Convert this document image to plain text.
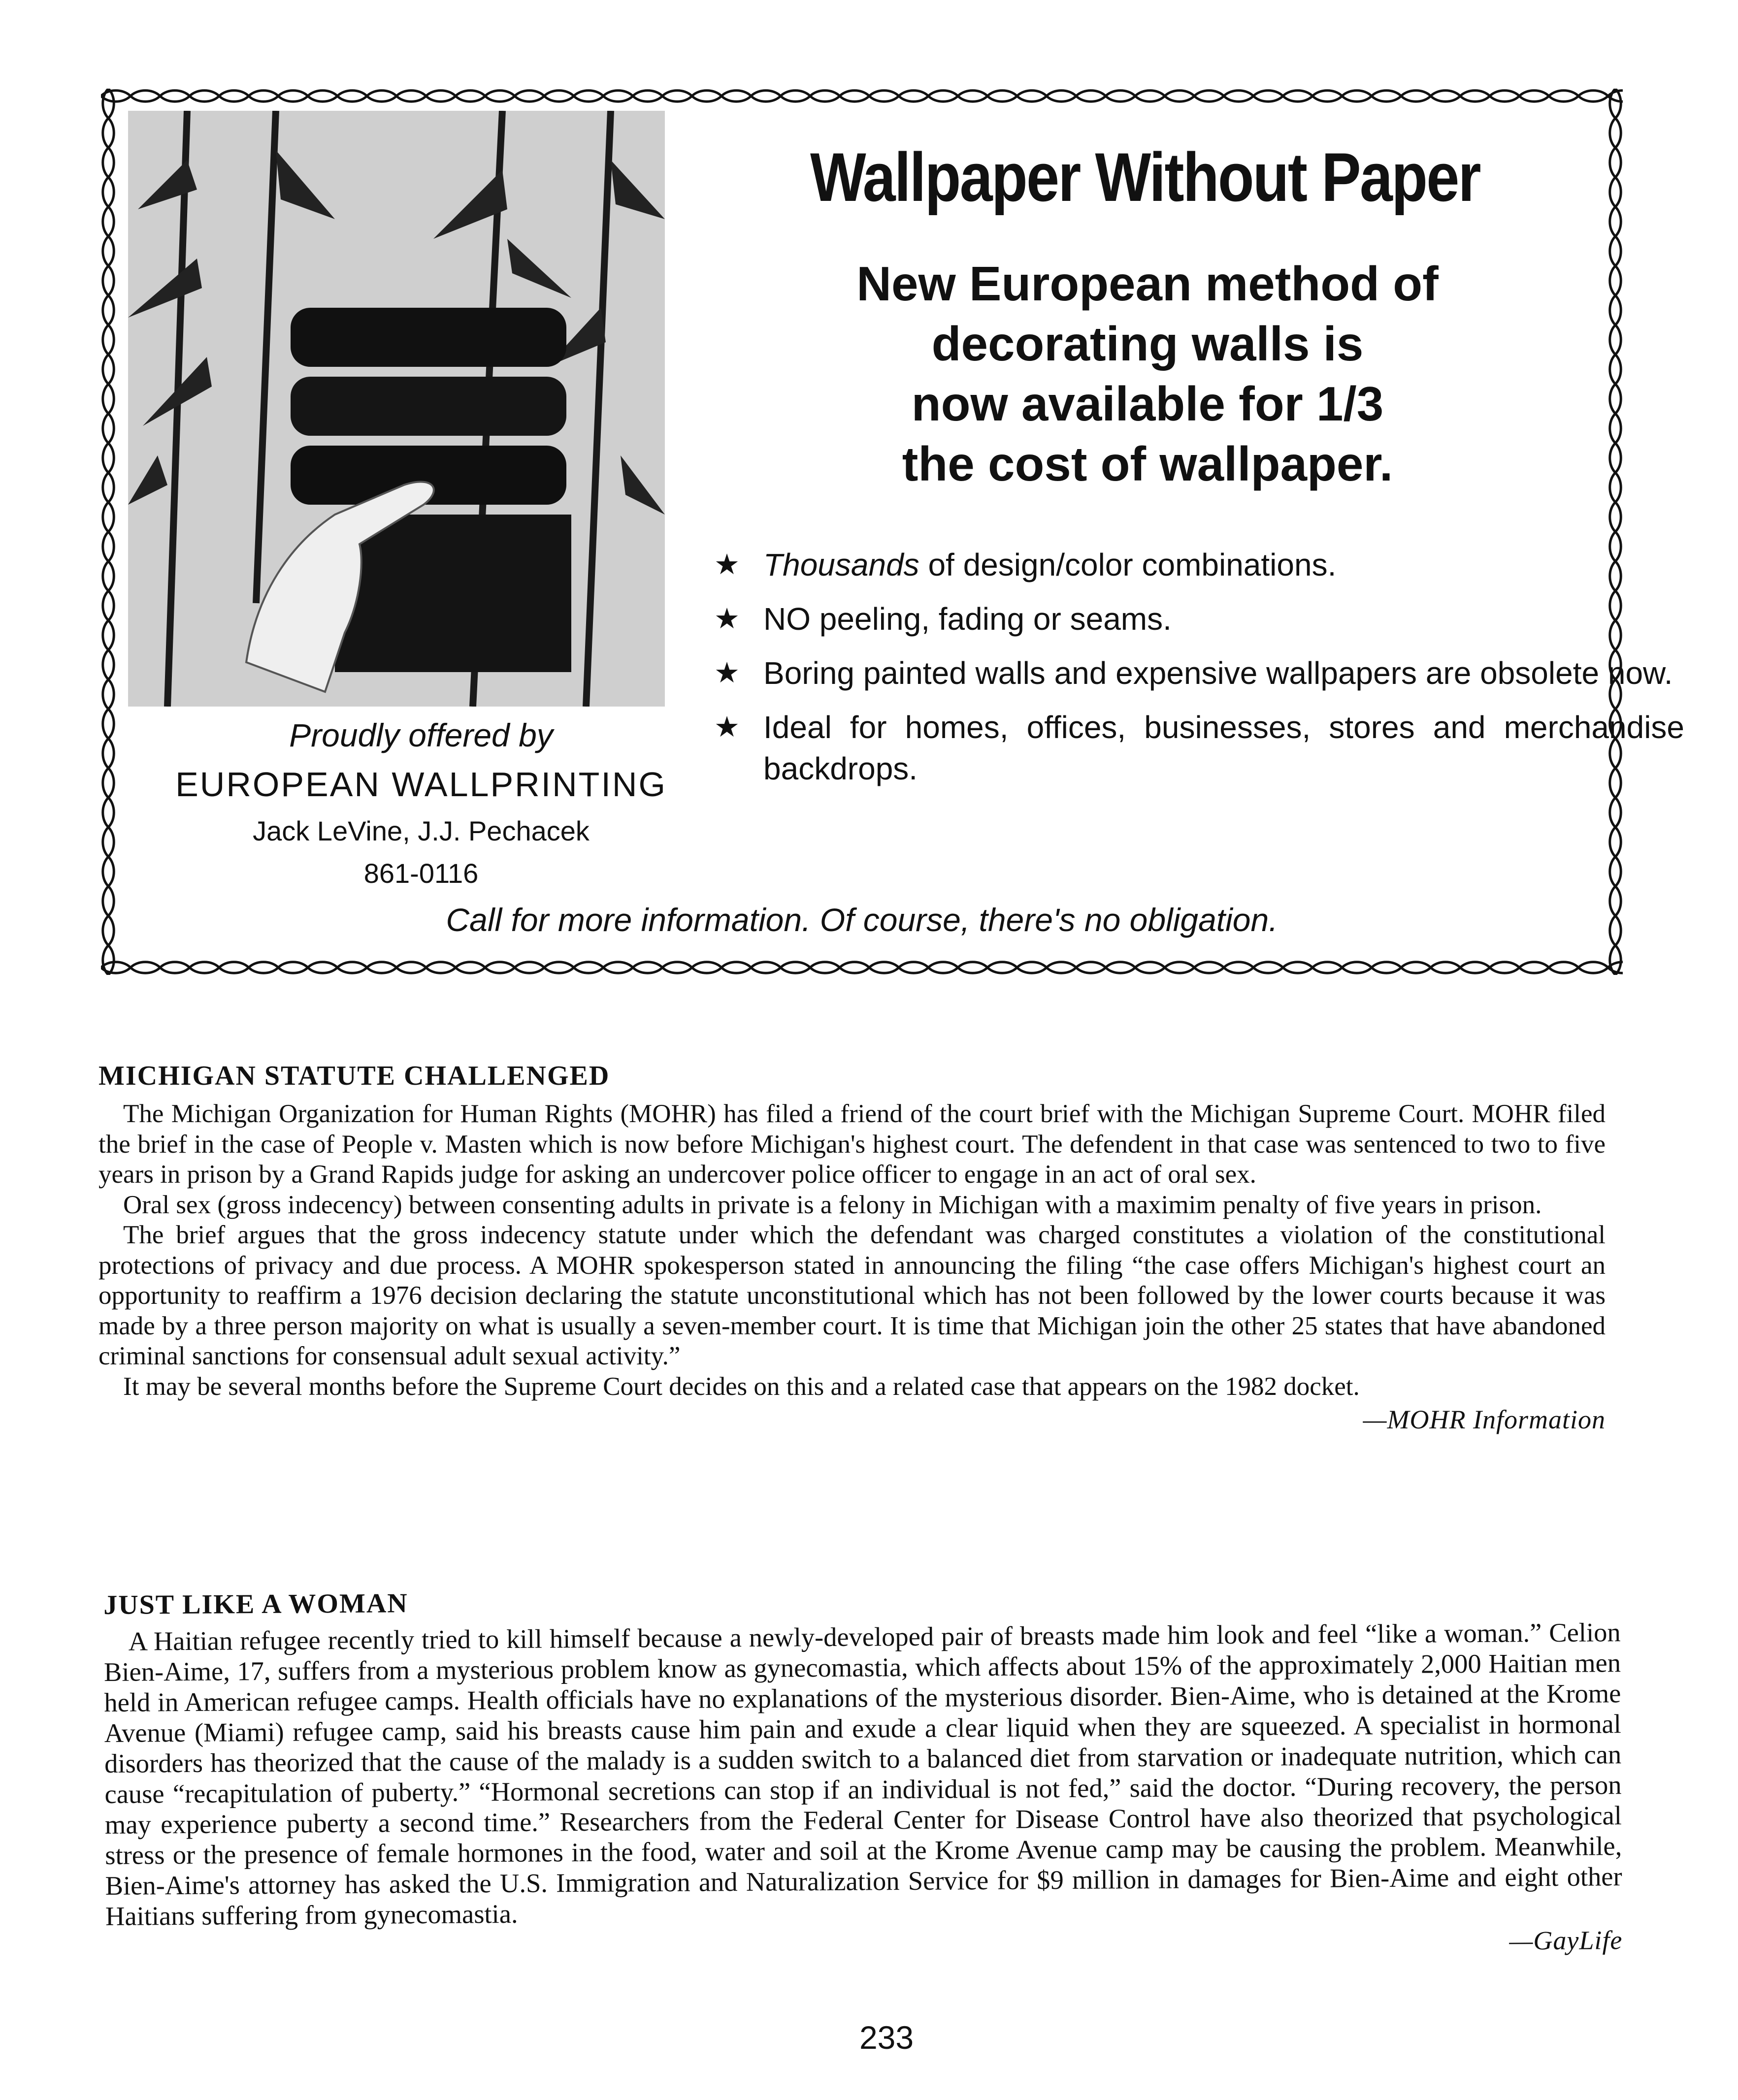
Wallpaper Without Paper
New European method of
decorating walls is
now available for 1/3
the cost of wallpaper.
★ Thousands of design/color combinations.
★ NO peeling, fading or seams.
★ Boring painted walls and expensive wallpapers are obsolete now.
★ Ideal for homes, offices, businesses, stores and merchandise backdrops.
Proudly offered by
EUROPEAN WALLPRINTING
Jack LeVine, J.J. Pechacek
861-0116
Call for more information. Of course, there's no obligation.
MICHIGAN STATUTE CHALLENGED

The Michigan Organization for Human Rights (MOHR) has filed a friend of the court brief with the Michigan Supreme Court. MOHR filed the brief in the case of People v. Masten which is now before Michigan's highest court. The defendent in that case was sentenced to two to five years in prison by a Grand Rapids judge for asking an undercover police officer to engage in an act of oral sex.

Oral sex (gross indecency) between consenting adults in private is a felony in Michigan with a maximim penalty of five years in prison.

The brief argues that the gross indecency statute under which the defendant was charged constitutes a violation of the constitutional protections of privacy and due process. A MOHR spokesperson stated in announcing the filing “the case offers Michigan's highest court an opportunity to reaffirm a 1976 decision declaring the statute unconstitutional which has not been followed by the lower courts because it was made by a three person majority on what is usually a seven-member court. It is time that Michigan join the other 25 states that have abandoned criminal sanctions for consensual adult sexual activity.”

It may be several months before the Supreme Court decides on this and a related case that appears on the 1982 docket.

—MOHR Information
JUST LIKE A WOMAN

A Haitian refugee recently tried to kill himself because a newly-developed pair of breasts made him look and feel “like a woman.” Celion Bien-Aime, 17, suffers from a mysterious problem know as gynecomastia, which affects about 15% of the approximately 2,000 Haitian men held in American refugee camps. Health officials have no explanations of the mysterious disorder. Bien-Aime, who is detained at the Krome Avenue (Miami) refugee camp, said his breasts cause him pain and exude a clear liquid when they are squeezed. A specialist in hormonal disorders has theorized that the cause of the malady is a sudden switch to a balanced diet from starvation or inadequate nutrition, which can cause “recapitulation of puberty.” “Hormonal secretions can stop if an individual is not fed,” said the doctor. “During recovery, the person may experience puberty a second time.” Researchers from the Federal Center for Disease Control have also theorized that psychological stress or the presence of female hormones in the food, water and soil at the Krome Avenue camp may be causing the problem. Meanwhile, Bien-Aime's attorney has asked the U.S. Immigration and Naturalization Service for $9 million in damages for Bien-Aime and eight other Haitians suffering from gynecomastia.

—GayLife
233
